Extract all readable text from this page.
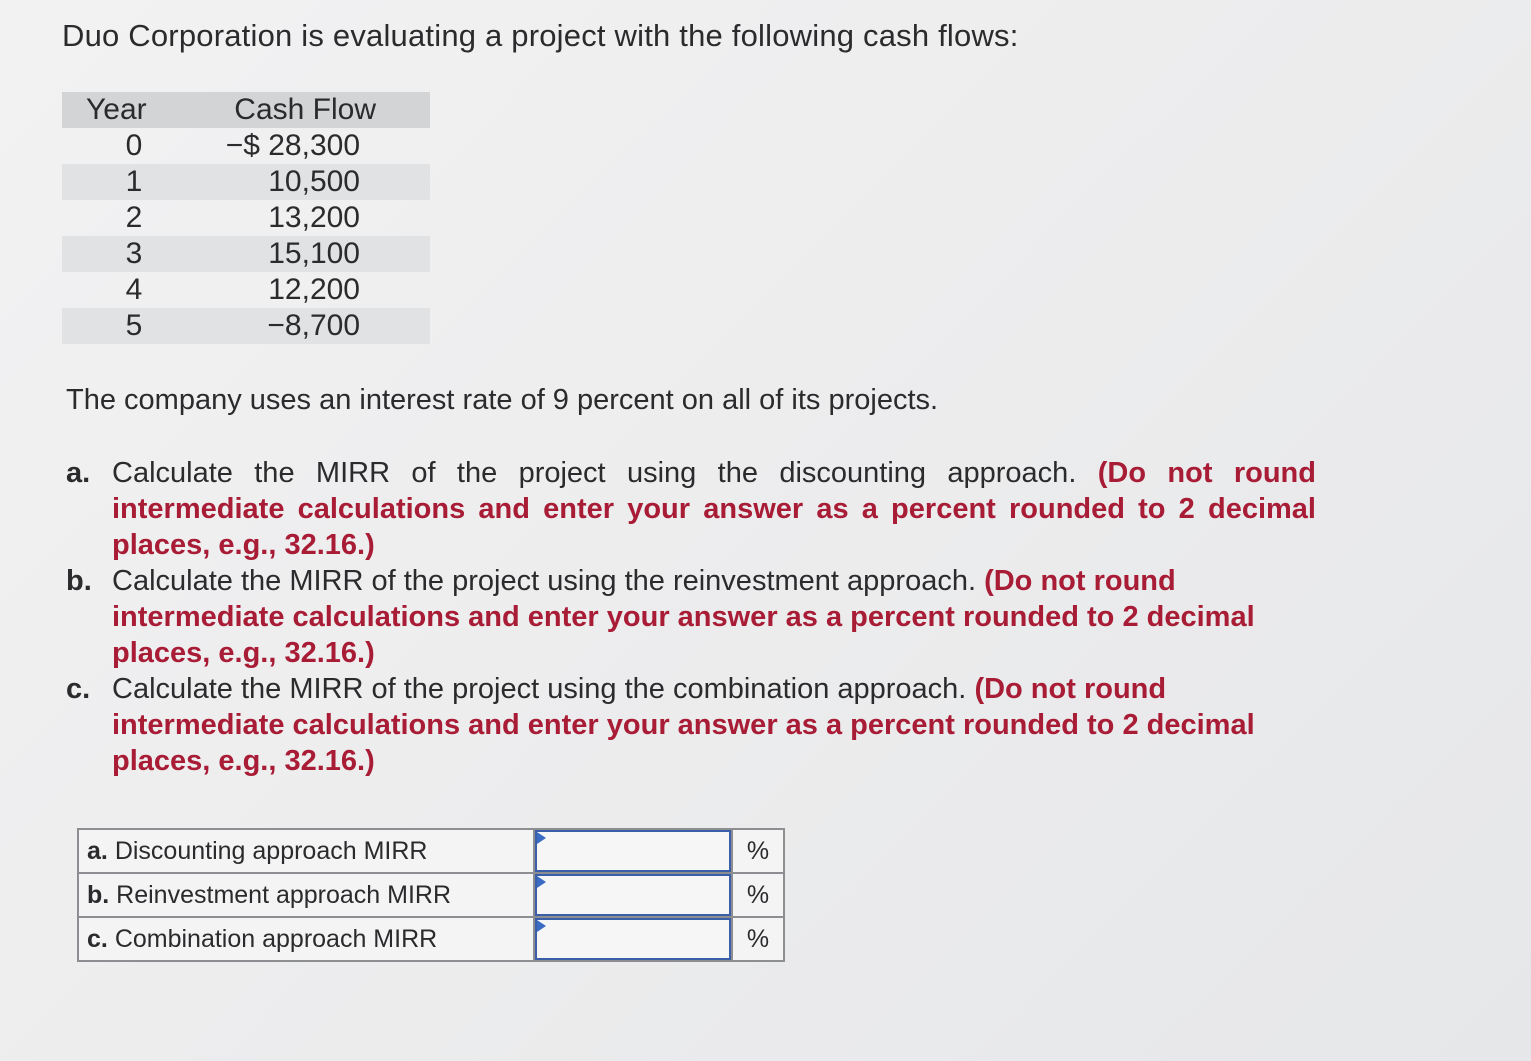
Duo Corporation is evaluating a project with the following cash flows:
Year	Cash Flow
0	−$ 28,300
1	10,500
2	13,200
3	15,100
4	12,200
5	−8,700

The company uses an interest rate of 9 percent on all of its projects.

a. Calculate the MIRR of the project using the discounting approach. (Do not round intermediate calculations and enter your answer as a percent rounded to 2 decimal places, e.g., 32.16.)
b. Calculate the MIRR of the project using the reinvestment approach. (Do not round intermediate calculations and enter your answer as a percent rounded to 2 decimal places, e.g., 32.16.)
c. Calculate the MIRR of the project using the combination approach. (Do not round intermediate calculations and enter your answer as a percent rounded to 2 decimal places, e.g., 32.16.)
a. Discounting approach MIRR		%
b. Reinvestment approach MIRR		%
c. Combination approach MIRR		%
